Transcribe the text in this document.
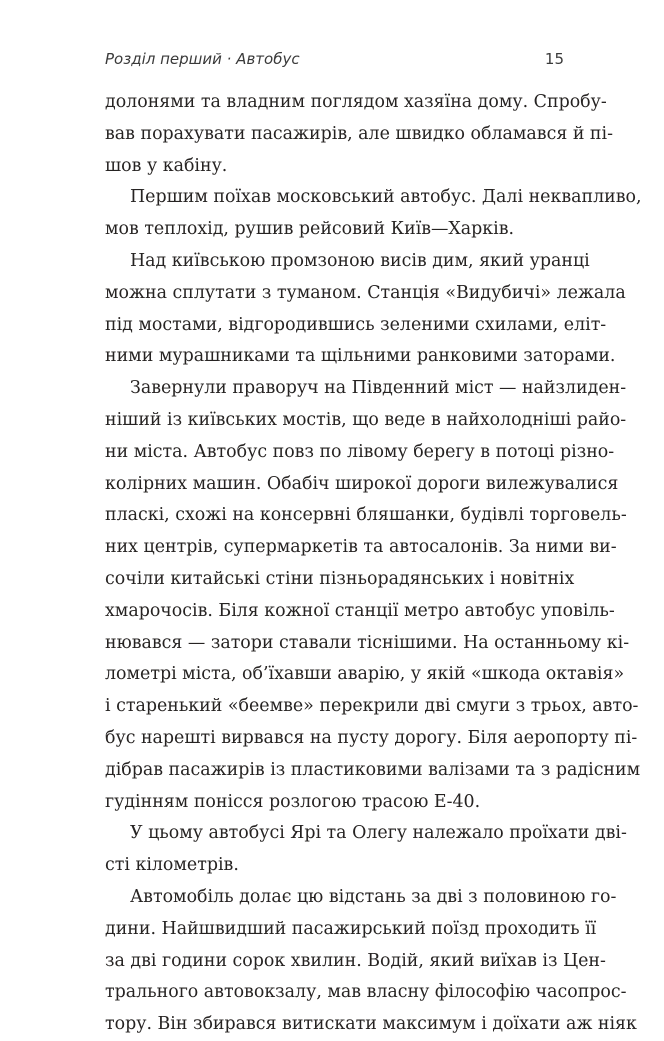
Розділ перший · Автобус	15
долонями та владним поглядом хазяїна дому. Спробу-
вав порахувати пасажирів, але швидко обламався й пі-
шов у кабіну.
Першим поїхав московський автобус. Далі неквапливо,
мов теплохід, рушив рейсовий Київ—Харків.
Над київською промзоною висів дим, який уранці
можна сплутати з туманом. Станція «Видубичі» лежала
під мостами, відгородившись зеленими схилами, еліт-
ними мурашниками та щільними ранковими заторами.
Завернули праворуч на Південний міст — найзлиден-
ніший із київських мостів, що веде в найхолодніші райо-
ни міста. Автобус повз по лівому берегу в потоці різно-
колірних машин. Обабіч широкої дороги вилежувалися
пласкі, схожі на консервні бляшанки, будівлі торговель-
них центрів, супермаркетів та автосалонів. За ними ви-
сочіли китайські стіни пізньорадянських і новітніх
хмарочосів. Біля кожної станції метро автобус уповіль-
нювався — затори ставали тіснішими. На останньому кі-
лометрі міста, об’їхавши аварію, у якій «шкода октавія»
і старенький «беемве» перекрили дві смуги з трьох, авто-
бус нарешті вирвався на пусту дорогу. Біля аеропорту пі-
дібрав пасажирів із пластиковими валізами та з радісним
гудінням понісся розлогою трасою Е-40.
У цьому автобусі Ярі та Олегу належало проїхати дві-
сті кілометрів.
Автомобіль долає цю відстань за дві з половиною го-
дини. Найшвидший пасажирський поїзд проходить її
за дві години сорок хвилин. Водій, який виїхав із Цен-
трального автовокзалу, мав власну філософію часопрос-
тору. Він збирався витискати максимум і доїхати аж ніяк
